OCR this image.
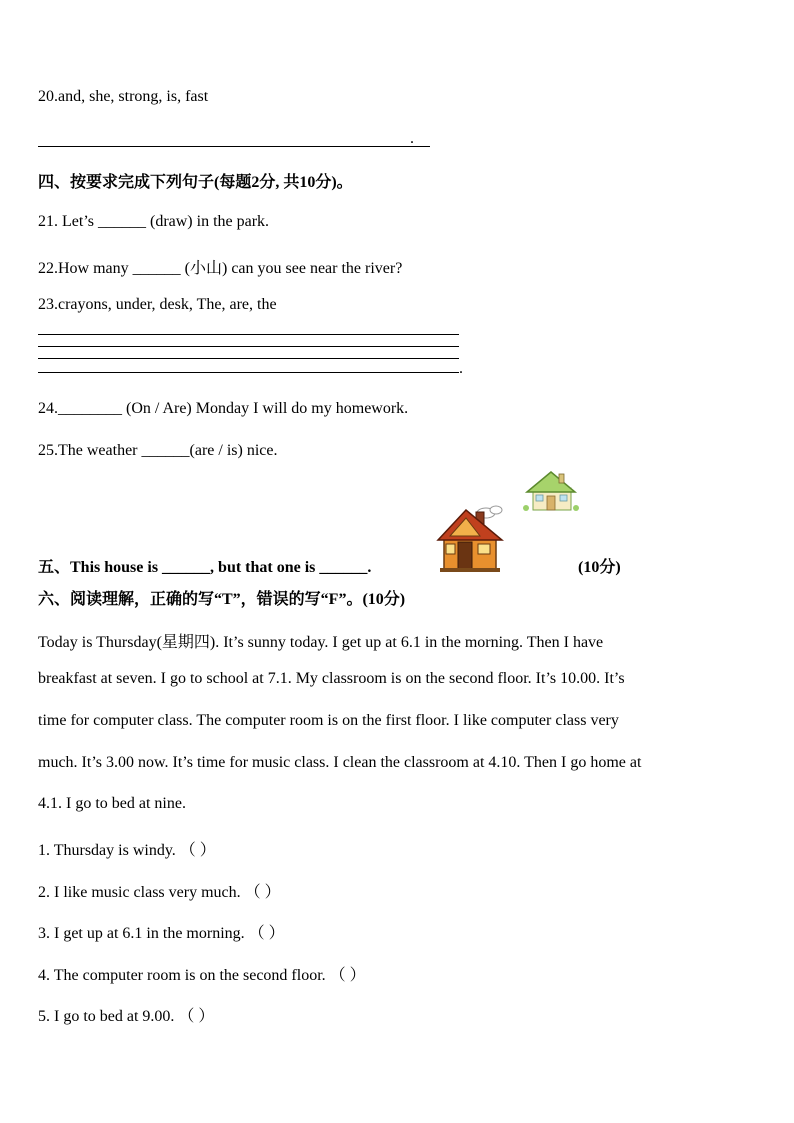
20.and, she, strong, is, fast
.
四、按要求完成下列句子(每题2分, 共10分)。
21. Let’s ______ (draw) in the park.
22.How many ______ (小山) can you see near the river?
23.crayons, under, desk, The, are, the
.
24.________ (On / Are) Monday I will do my homework.
25.The weather ______(are / is) nice.
五、This house is ______, but that one is ______.	(10分)
六、阅读理解，正确的写“T”，错误的写“F”。(10分)
Today is Thursday(星期四). It’s sunny today. I get up at 6.1 in the morning. Then I have
breakfast at seven. I go to school at 7.1. My classroom is on the second floor. It’s 10.00. It’s
time for computer class. The computer room is on the first floor. I like computer class very
much. It’s 3.00 now. It’s time for music class. I clean the classroom at 4.10. Then I go home at
4.1. I go to bed at nine.
1. Thursday is windy. （ ）
2. I like music class very much. （ ）
3. I get up at 6.1 in the morning. （ ）
4. The computer room is on the second floor. （ ）
5. I go to bed at 9.00. （ ）
